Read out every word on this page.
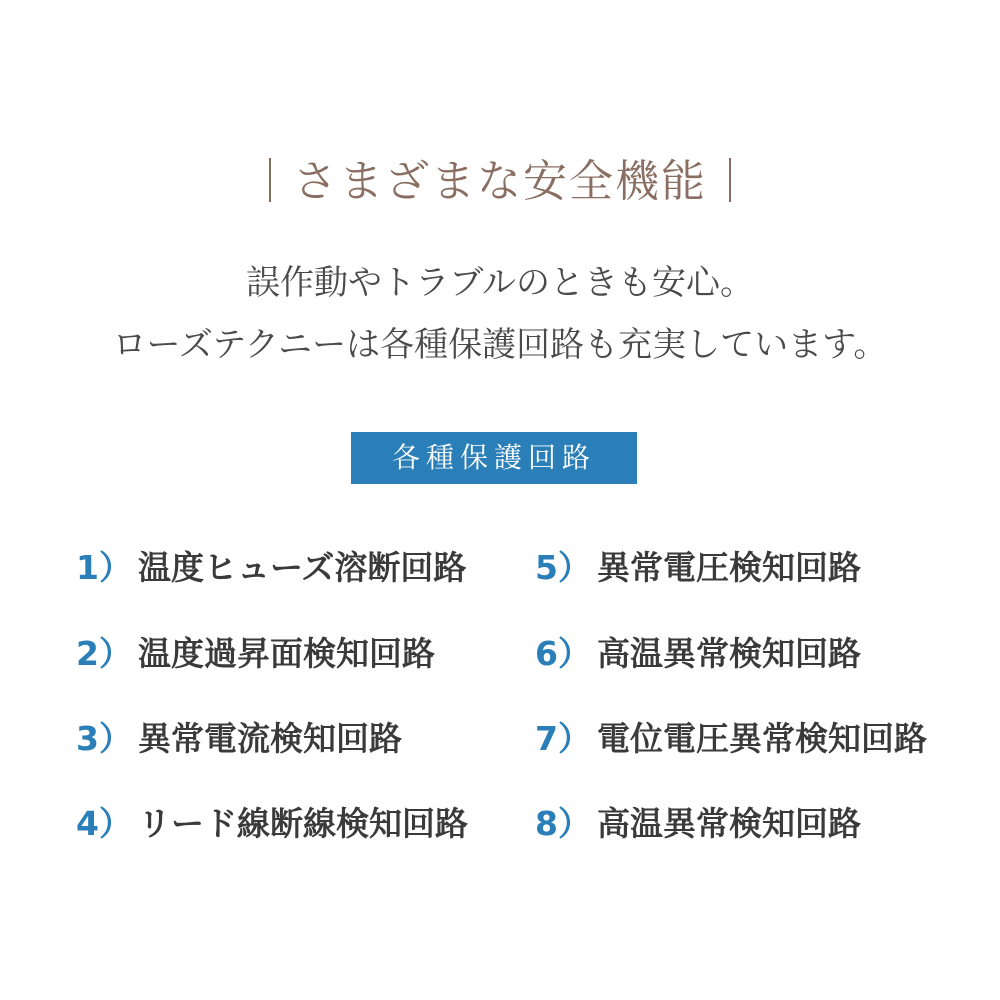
さまざまな安全機能
誤作動やトラブルのときも安心。
ローズテクニーは各種保護回路も充実しています。
各種保護回路
1） 温度ヒューズ溶断回路
2） 温度過昇面検知回路
3） 異常電流検知回路
4） リード線断線検知回路
5） 異常電圧検知回路
6） 高温異常検知回路
7） 電位電圧異常検知回路
8） 高温異常検知回路
